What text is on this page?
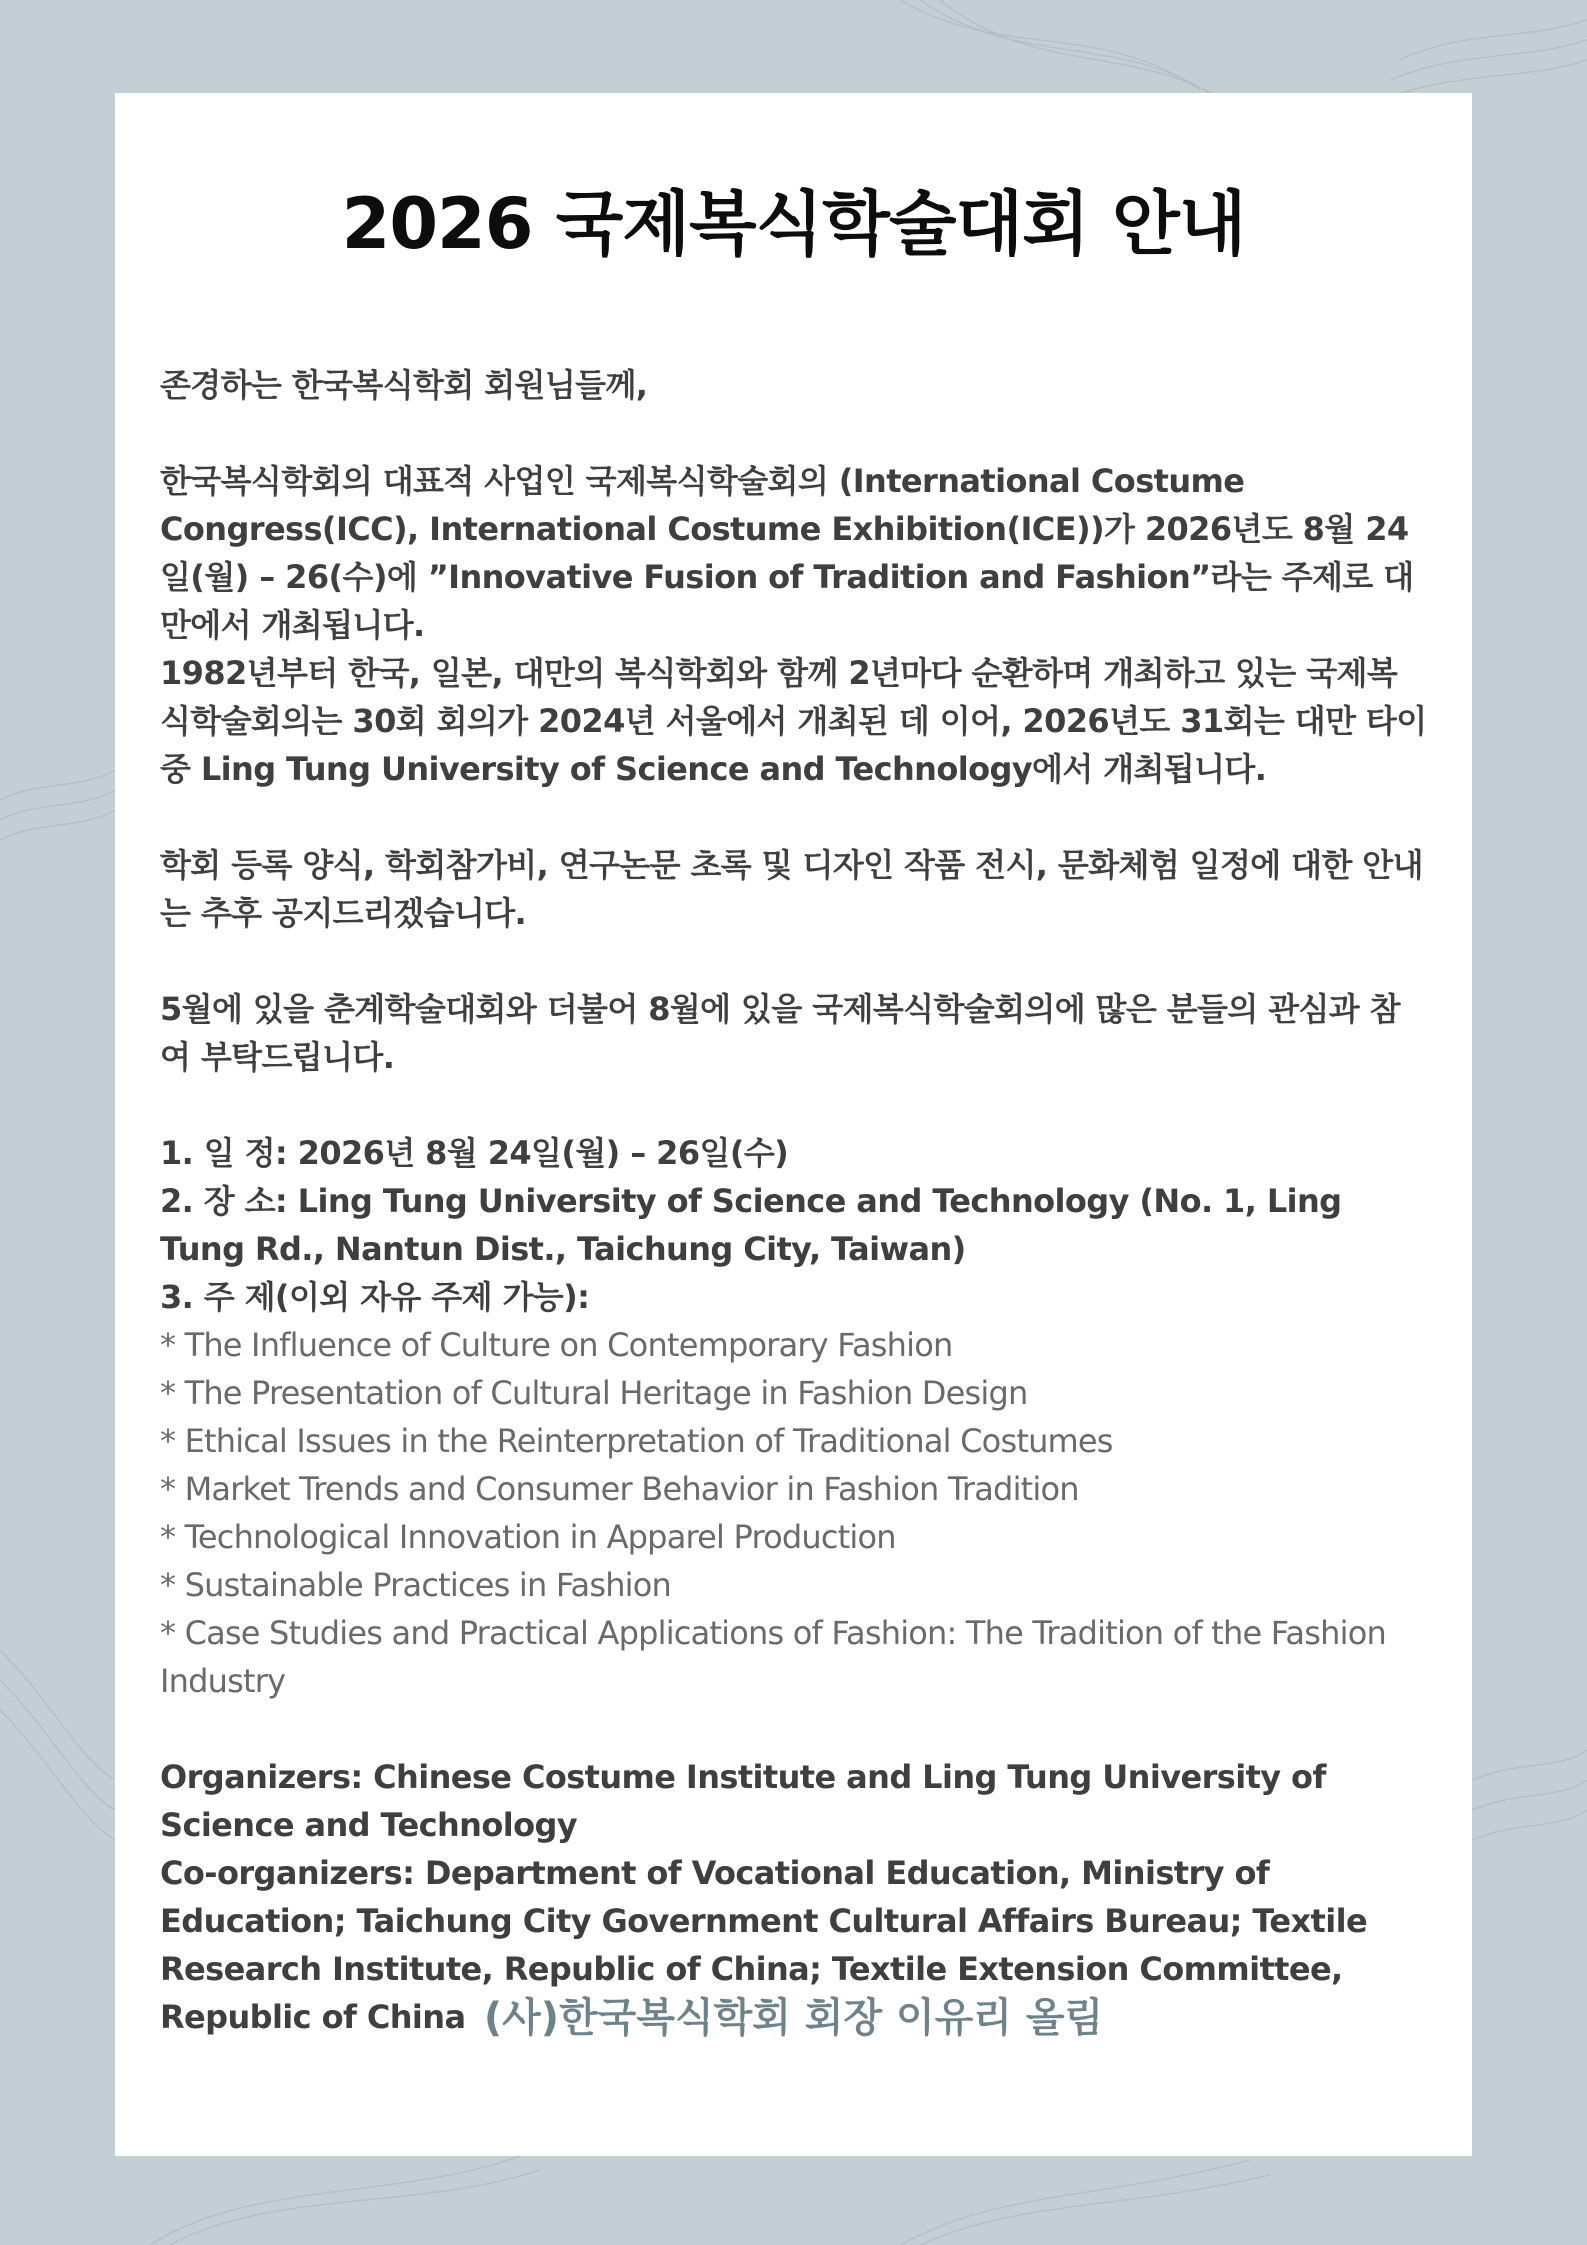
2026 국제복식학술대회 안내

존경하는 한국복식학회 회원님들께,

한국복식학회의 대표적 사업인 국제복식학술회의 (International Costume Congress(ICC), International Costume Exhibition(ICE))가 2026년도 8월 24일(월) – 26(수)에 ”Innovative Fusion of Tradition and Fashion”라는 주제로 대만에서 개최됩니다.

1982년부터 한국, 일본, 대만의 복식학회와 함께 2년마다 순환하며 개최하고 있는 국제복식학술회의는 30회 회의가 2024년 서울에서 개최된 데 이어, 2026년도 31회는 대만 타이중 Ling Tung University of Science and Technology에서 개최됩니다.

학회 등록 양식, 학회참가비, 연구논문 초록 및 디자인 작품 전시, 문화체험 일정에 대한 안내는 추후 공지드리겠습니다.

5월에 있을 춘계학술대회와 더불어 8월에 있을 국제복식학술회의에 많은 분들의 관심과 참여 부탁드립니다.

1. 일 정: 2026년 8월 24일(월) – 26일(수)

2. 장 소: Ling Tung University of Science and Technology (No. 1, Ling Tung Rd., Nantun Dist., Taichung City, Taiwan)

3. 주 제(이외 자유 주제 가능):

* The Influence of Culture on Contemporary Fashion

* The Presentation of Cultural Heritage in Fashion Design

* Ethical Issues in the Reinterpretation of Traditional Costumes

* Market Trends and Consumer Behavior in Fashion Tradition

* Technological Innovation in Apparel Production

* Sustainable Practices in Fashion

* Case Studies and Practical Applications of Fashion: The Tradition of the Fashion Industry

Organizers: Chinese Costume Institute and Ling Tung University of Science and Technology

Co-organizers: Department of Vocational Education, Ministry of Education; Taichung City Government Cultural Affairs Bureau; Textile Research Institute, Republic of China; Textile Extension Committee, Republic of China (사)한국복식학회 회장 이유리 올림
